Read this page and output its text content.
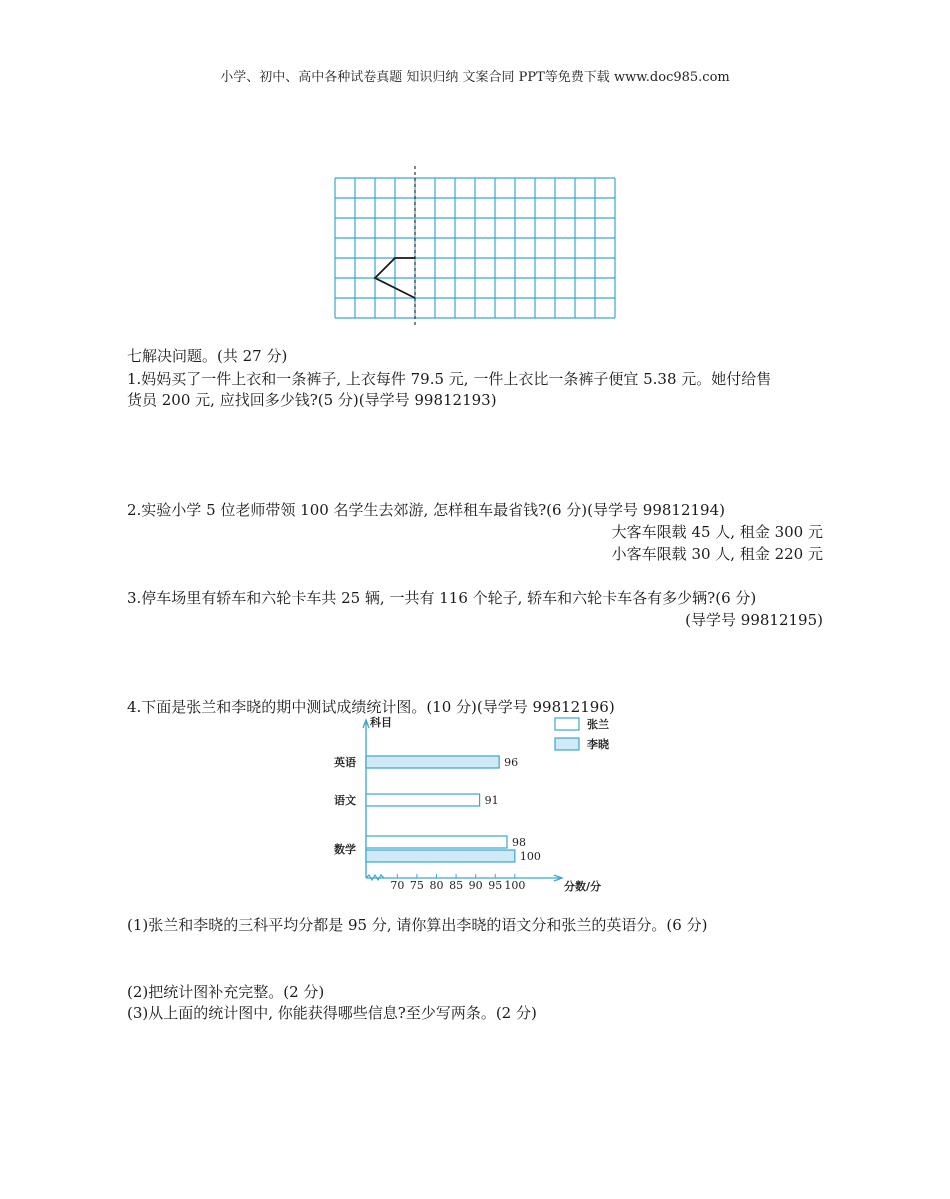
小学、初中、高中各种试卷真题 知识归纳 文案合同 PPT等免费下载 www.doc985.com
七解决问题。(共 27 分)
1.妈妈买了一件上衣和一条裤子, 上衣每件 79.5 元, 一件上衣比一条裤子便宜 5.38 元。她付给售
货员 200 元, 应找回多少钱?(5 分)(导学号 99812193)
2.实验小学 5 位老师带领 100 名学生去郊游, 怎样租车最省钱?(6 分)(导学号 99812194)
大客车限载 45 人, 租金 300 元
小客车限载 30 人, 租金 220 元
3.停车场里有轿车和六轮卡车共 25 辆, 一共有 116 个轮子, 轿车和六轮卡车各有多少辆?(6 分)
(导学号 99812195)
4.下面是张兰和李晓的期中测试成绩统计图。(10 分)(导学号 99812196)
科目
分数/分
英语
语文
数学
张兰
李晓
70 75 80 85 90 95 100
96
91
98
100
(1)张兰和李晓的三科平均分都是 95 分, 请你算出李晓的语文分和张兰的英语分。(6 分)
(2)把统计图补充完整。(2 分)
(3)从上面的统计图中, 你能获得哪些信息?至少写两条。(2 分)
